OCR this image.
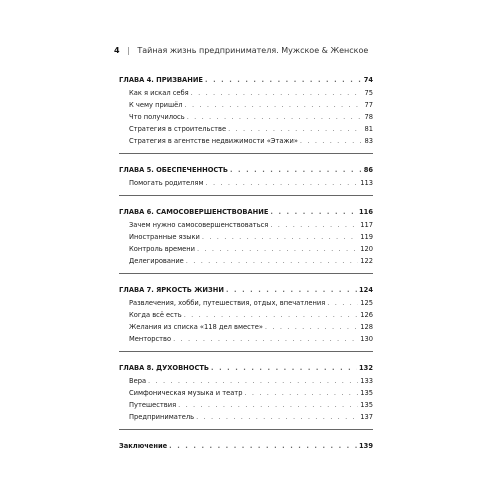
4 | Тайная жизнь предпринимателя. Мужское & Женское
ГЛАВА 4. ПРИЗВАНИЕ . . .	74
Как я искал себя . . .	75
К чему пришёл . . .	77
Что получилось . . .	78
Стратегия в строительстве . . .	81
Стратегия в агентстве недвижимости «Этажи» . . .	83
ГЛАВА 5. ОБЕСПЕЧЕННОСТЬ . . .	86
Помогать родителям . . .	113
ГЛАВА 6. САМОСОВЕРШЕНСТВОВАНИЕ . . .	116
Зачем нужно самосовершенствоваться . . .	117
Иностранные языки . . .	119
Контроль времени . . .	120
Делегирование . . .	122
ГЛАВА 7. ЯРКОСТЬ ЖИЗНИ . . .	124
Развлечения, хобби, путешествия, отдых, впечатления . . .	125
Когда всё есть . . .	126
Желания из списка «118 дел вместе» . . .	128
Менторство . . .	130
ГЛАВА 8. ДУХОВНОСТЬ . . .	132
Вера . . .	133
Симфоническая музыка и театр . . .	135
Путешествия . . .	135
Предприниматель . . .	137
Заключение . . .	139
